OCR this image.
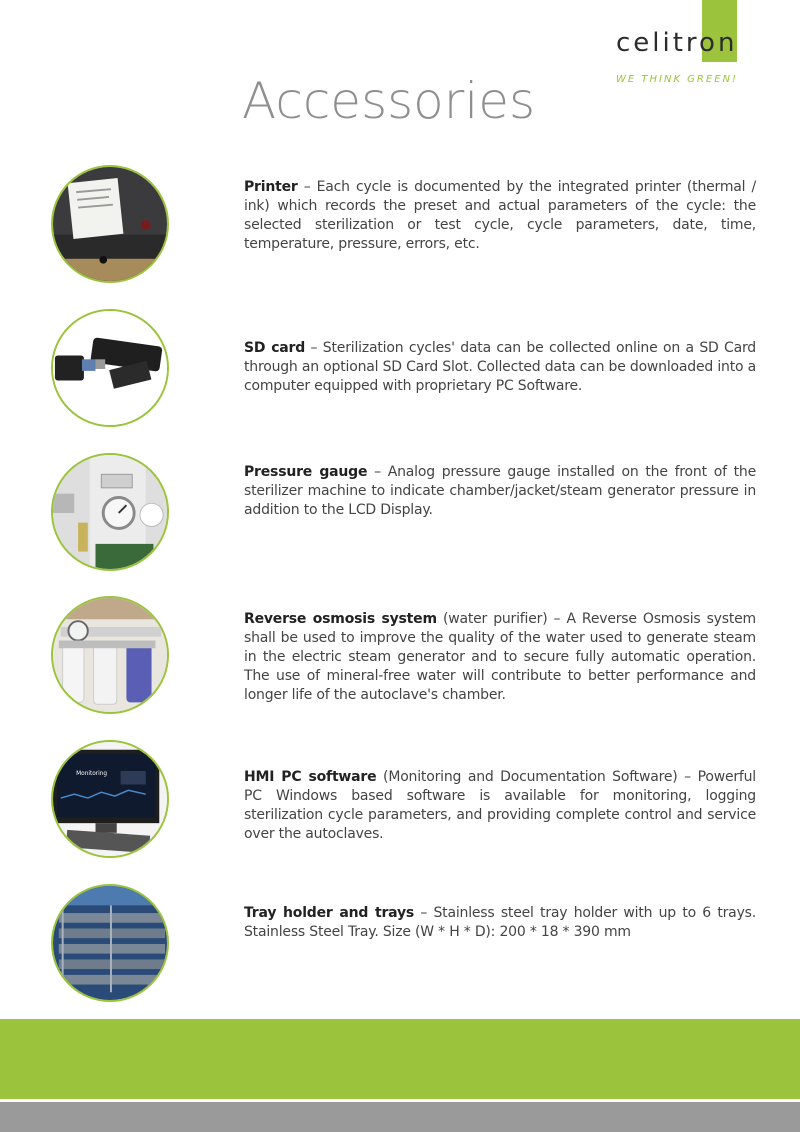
celitron
WE THINK GREEN!
Accessories
Printer – Each cycle is documented by the integrated printer (thermal / ink) which records the preset and actual parameters of the cycle: the selected sterilization or test cycle, cycle parameters, date, time, temperature, pressure, errors, etc.
SD card – Sterilization cycles' data can be collected online on a SD Card through an optional SD Card Slot. Collected data can be downloaded into a computer equipped with proprietary PC Software.
Pressure gauge – Analog pressure gauge installed on the front of the sterilizer machine to indicate chamber/jacket/steam generator pressure in addition to the LCD Display.
Reverse osmosis system (water purifier) – A Reverse Osmosis system shall be used to improve the quality of the water used to generate steam in the electric steam generator and to secure fully automatic operation. The use of mineral-free water will contribute to better performance and longer life of the autoclave's chamber.
Monitoring	HMI PC software (Monitoring and Documentation Software) – Powerful PC Windows based software is available for monitoring, logging sterilization cycle parameters, and providing complete control and service over the autoclaves.
Tray holder and trays – Stainless steel tray holder with up to 6 trays. Stainless Steel Tray. Size (W * H * D): 200 * 18 * 390 mm
